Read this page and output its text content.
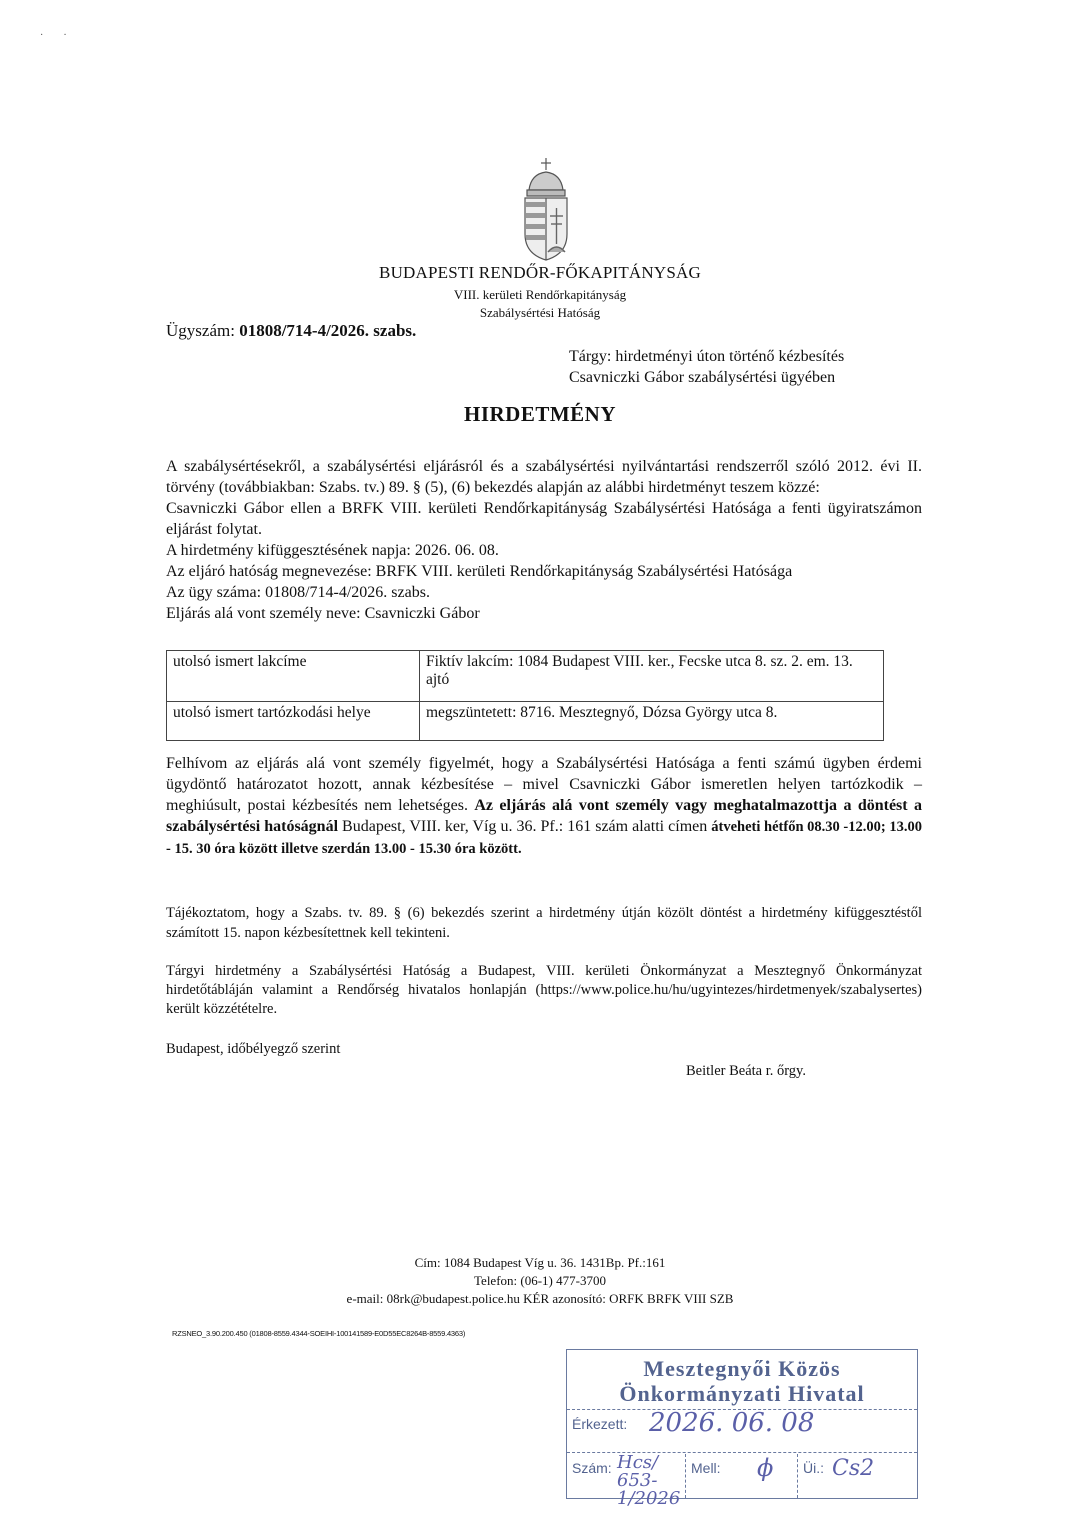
·        ·
BUDAPESTI RENDŐR-FŐKAPITÁNYSÁG
VIII. kerületi Rendőrkapitányság
Szabálysértési Hatóság
Ügyszám: 01808/714-4/2026. szabs.
Tárgy: hirdetményi úton történő kézbesítés
Csavniczki Gábor szabálysértési ügyében
HIRDETMÉNY
A szabálysértésekről, a szabálysértési eljárásról és a szabálysértési nyilvántartási rendszerről szóló 2012. évi II. törvény (továbbiakban: Szabs. tv.) 89. § (5), (6) bekezdés alapján az alábbi hirdetményt teszem közzé:
Csavniczki Gábor ellen a BRFK VIII. kerületi Rendőrkapitányság Szabálysértési Hatósága a fenti ügyiratszámon eljárást folytat.
A hirdetmény kifüggesztésének napja: 2026. 06. 08.
Az eljáró hatóság megnevezése: BRFK VIII. kerületi Rendőrkapitányság Szabálysértési Hatósága
Az ügy száma: 01808/714-4/2026. szabs.
Eljárás alá vont személy neve: Csavniczki Gábor
utolsó ismert lakcíme	Fiktív lakcím: 1084 Budapest VIII. ker., Fecske utca 8. sz. 2. em. 13. ajtó
utolsó ismert tartózkodási helye	megszüntetett: 8716. Mesztegnyő, Dózsa György utca 8.
Felhívom az eljárás alá vont személy figyelmét, hogy a Szabálysértési Hatósága a fenti számú ügyben érdemi ügydöntő határozatot hozott, annak kézbesítése – mivel Csavniczki Gábor ismeretlen helyen tartózkodik – meghiúsult, postai kézbesítés nem lehetséges. Az eljárás alá vont személy vagy meghatalmazottja a döntést a szabálysértési hatóságnál Budapest, VIII. ker, Víg u. 36. Pf.: 161 szám alatti címen átveheti hétfőn 08.30 -12.00; 13.00 - 15. 30 óra között illetve szerdán 13.00 - 15.30 óra között.
Tájékoztatom, hogy a Szabs. tv. 89. § (6) bekezdés szerint a hirdetmény útján közölt döntést a hirdetmény kifüggesztéstől számított 15. napon kézbesítettnek kell tekinteni.
Tárgyi hirdetmény a Szabálysértési Hatóság a Budapest, VIII. kerületi Önkormányzat a Mesztegnyő Önkormányzat hirdetőtábláján valamint a Rendőrség hivatalos honlapján (https://www.police.hu/hu/ugyintezes/hirdetmenyek/szabalysertes) került közzétételre.
Budapest, időbélyegző szerint
Beitler Beáta r. őrgy.
Cím: 1084 Budapest Víg u. 36. 1431Bp. Pf.:161
Telefon: (06-1) 477-3700
e-mail: 08rk@budapest.police.hu KÉR azonosító: ORFK BRFK VIII SZB
RZSNEO_3.90.200.450 (01808-8559.4344-SOEIHI-100141589-E0D55EC8264B-8559.4363)
Mesztegnyői Közös
Önkormányzati Hivatal
Érkezett: 2026. 06. 08
Szám: Hcs/ 653-1/2026
Mell: ϕ Üi.: Cs2
